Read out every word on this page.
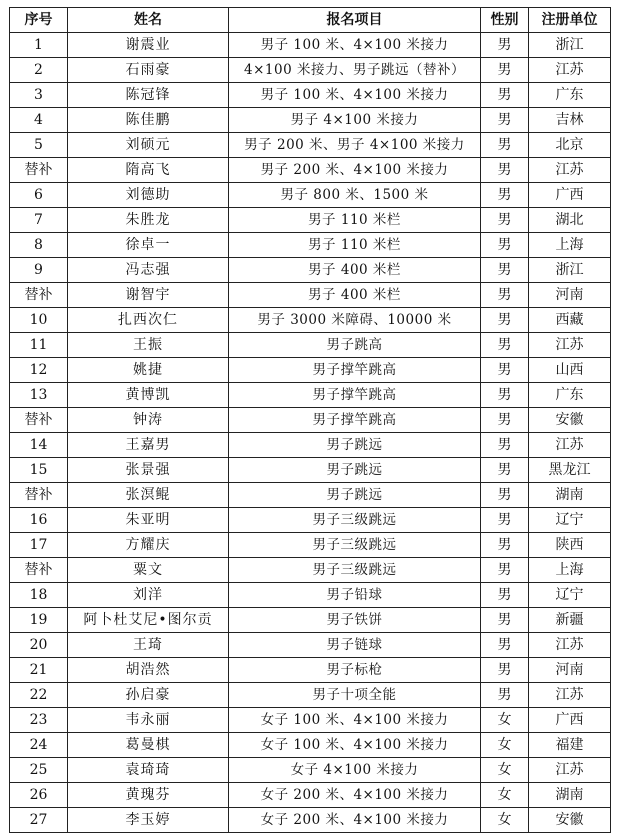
序号	姓名	报名项目	性别	注册单位
1	谢震业	男子 100 米、4×100 米接力	男	浙江
2	石雨豪	4×100 米接力、男子跳远（替补）	男	江苏
3	陈冠锋	男子 100 米、4×100 米接力	男	广东
4	陈佳鹏	男子 4×100 米接力	男	吉林
5	刘硕元	男子 200 米、男子 4×100 米接力	男	北京
替补	隋高飞	男子 200 米、4×100 米接力	男	江苏
6	刘德助	男子 800 米、1500 米	男	广西
7	朱胜龙	男子 110 米栏	男	湖北
8	徐卓一	男子 110 米栏	男	上海
9	冯志强	男子 400 米栏	男	浙江
替补	谢智宇	男子 400 米栏	男	河南
10	扎西次仁	男子 3000 米障碍、10000 米	男	西藏
11	王振	男子跳高	男	江苏
12	姚捷	男子撑竿跳高	男	山西
13	黄博凯	男子撑竿跳高	男	广东
替补	钟涛	男子撑竿跳高	男	安徽
14	王嘉男	男子跳远	男	江苏
15	张景强	男子跳远	男	黑龙江
替补	张溟鲲	男子跳远	男	湖南
16	朱亚明	男子三级跳远	男	辽宁
17	方耀庆	男子三级跳远	男	陕西
替补	粟文	男子三级跳远	男	上海
18	刘洋	男子铅球	男	辽宁
19	阿卜杜艾尼•图尔贡	男子铁饼	男	新疆
20	王琦	男子链球	男	江苏
21	胡浩然	男子标枪	男	河南
22	孙启豪	男子十项全能	男	江苏
23	韦永丽	女子 100 米、4×100 米接力	女	广西
24	葛曼棋	女子 100 米、4×100 米接力	女	福建
25	袁琦琦	女子 4×100 米接力	女	江苏
26	黄瑰芬	女子 200 米、4×100 米接力	女	湖南
27	李玉婷	女子 200 米、4×100 米接力	女	安徽
